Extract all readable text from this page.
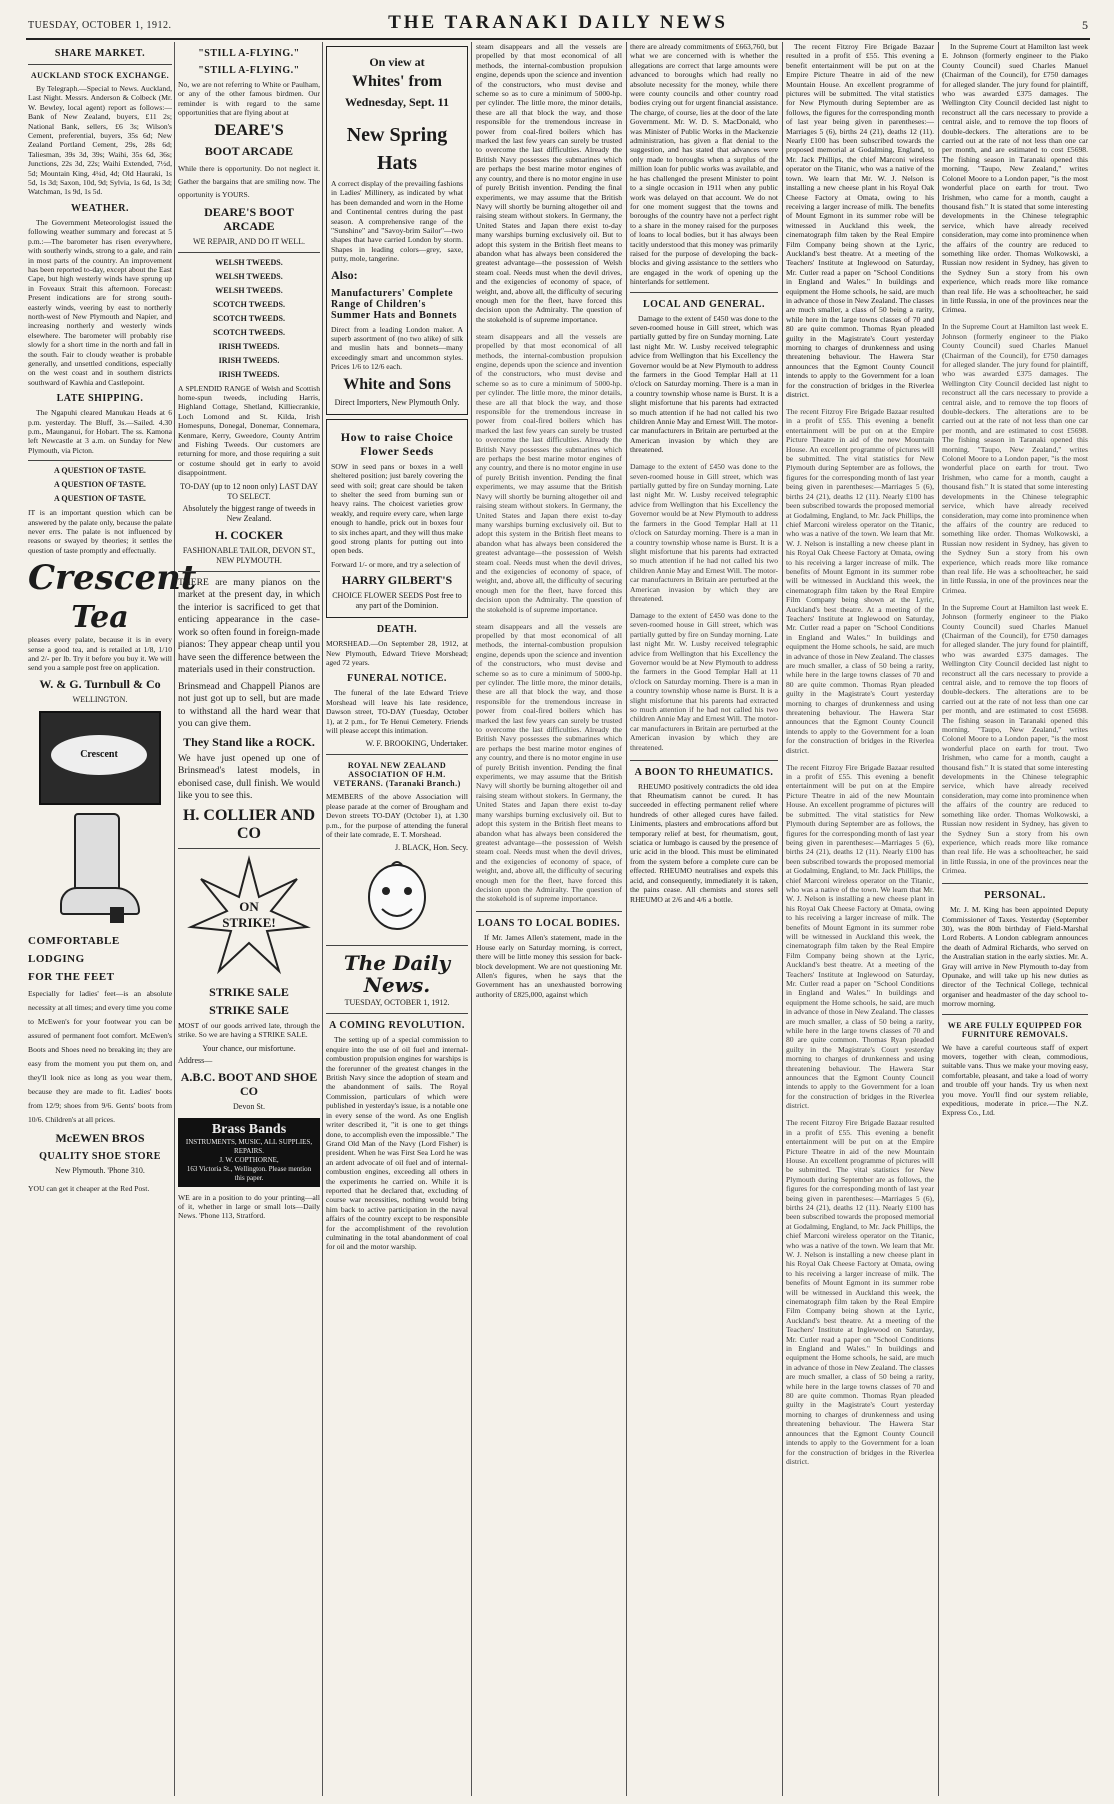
TUESDAY, OCTOBER 1, 1912.	THE TARANAKI DAILY NEWS	5
SHARE MARKET.
AUCKLAND STOCK EXCHANGE.

By Telegraph.—Special to News. Auckland, Last Night. Messrs. Anderson & Colbeck (Mr. W. Bewley, local agent) report as follows:— Bank of New Zealand, buyers, £11 2s; National Bank, sellers, £6 3s; Wilson's Cement, preferential, buyers, 35s 6d; New Zealand Portland Cement, 29s, 28s 6d; Taliesman, 39s 3d, 39s; Waihi, 35s 6d, 36s; Junctions, 22s 3d, 22s; Waihi Extended, 7½d, 5d; Mountain King, 4¼d, 4d; Old Hauraki, 1s 5d, 1s 3d; Saxon, 10d, 9d; Sylvia, 1s 6d, 1s 3d; Watchman, 1s 9d, 1s 5d.

WEATHER.

The Government Meteorologist issued the following weather summary and forecast at 5 p.m.:—The barometer has risen everywhere, with southerly winds, strong to a gale, and rain in most parts of the country. An improvement has been reported to-day, except about the East Cape, but high westerly winds have sprung up in Foveaux Strait this afternoon. Forecast: Present indications are for strong south-easterly winds, veering by east to northerly north-west of New Plymouth and Napier, and increasing northerly and westerly winds elsewhere. The barometer will probably rise slowly for a short time in the north and fall in the south. Fair to cloudy weather is probable generally, and unsettled conditions, especially on the west coast and in southern districts southward of Kawhia and Castlepoint.

LATE SHIPPING.

The Ngapuhi cleared Manukau Heads at 6 p.m. yesterday. The Bluff, 3s.—Sailed. 4.30 p.m., Maunganui, for Hobart. The ss. Kamona left Newcastle at 3 a.m. on Sunday for New Plymouth, via Picton.

A QUESTION OF TASTE.
A QUESTION OF TASTE.
A QUESTION OF TASTE.

IT is an important question which can be answered by the palate only, because the palate never errs. The palate is not influenced by reasons or swayed by theories; it settles the question of taste promptly and effectually.

Crescent
Tea

pleases every palate, because it is in every sense a good tea, and is retailed at 1/8, 1/10 and 2/- per lb. Try it before you buy it. We will send you a sample post free on application.

W. & G. Turnbull & Co
WELLINGTON.
Crescent
COMFORTABLE
LODGING
FOR THE FEET

Especially for ladies' feet—is an absolute necessity at all times; and every time you come to McEwen's for your footwear you can be assured of permanent foot comfort. McEwen's Boots and Shoes need no breaking in; they are easy from the moment you put them on, and they'll look nice as long as you wear them, because they are made to fit. Ladies' boots from 12/9; shoes from 9/6. Gents' boots from 10/6. Children's at all prices.

McEWEN BROS
QUALITY SHOE STORE
New Plymouth. 'Phone 310.

YOU can get it cheaper at the Red Post.

"STILL A-FLYING."
"STILL A-FLYING."

No, we are not referring to White or Paulham, or any of the other famous birdmen. Our reminder is with regard to the same opportunities that are flying about at

DEARE'S
BOOT ARCADE

While there is opportunity. Do not neglect it. Gather the bargains that are smiling now. The opportunity is YOURS.

DEARE'S BOOT ARCADE
WE REPAIR, AND DO IT WELL.
WELSH TWEEDS.
WELSH TWEEDS.
WELSH TWEEDS.
SCOTCH TWEEDS.
SCOTCH TWEEDS.
SCOTCH TWEEDS.
IRISH TWEEDS.
IRISH TWEEDS.
IRISH TWEEDS.

A SPLENDID RANGE of Welsh and Scottish home-spun tweeds, including Harris, Highland Cottage, Shetland, Killiecrankie, Loch Lomond and St. Kilda, Irish Homespuns, Donegal, Donemar, Connemara, Kenmare, Kerry, Gweedore, County Antrim and Fishing Tweeds. Our customers are returning for more, and those requiring a suit or costume should get in early to avoid disappointment.

TO-DAY (up to 12 noon only) LAST DAY TO SELECT.
Absolutely the biggest range of tweeds in New Zealand.
H. COCKER
FASHIONABLE TAILOR, DEVON ST., NEW PLYMOUTH.

THERE are many pianos on the market at the present day, in which the interior is sacrificed to get that enticing appearance in the case-work so often found in foreign-made pianos: They appear cheap until you have seen the difference between the materials used in their construction.

Brinsmead and Chappell Pianos are not just got up to sell, but are made to withstand all the hard wear that you can give them.

They Stand like a ROCK.

We have just opened up one of Brinsmead's latest models, in ebonised case, dull finish. We would like you to see this.

H. COLLIER AND CO
ON
STRIKE!
STRIKE SALE
STRIKE SALE

MOST of our goods arrived late, through the strike. So we are having a STRIKE SALE.

Your chance, our misfortune.
Address—
A.B.C. BOOT AND SHOE CO
Devon St.
Brass Bands
INSTRUMENTS, MUSIC, ALL SUPPLIES, REPAIRS.
J. W. COPTHORNE,
163 Victoria St., Wellington. Please mention this paper.

WE are in a position to do your printing—all of it, whether in large or small lots—Daily News. 'Phone 113, Stratford.

On view at
Whites' from
Wednesday, Sept. 11
New Spring
Hats

A correct display of the prevailing fashions in Ladies' Millinery, as indicated by what has been demanded and worn in the Home and Continental centres during the past season. A comprehensive range of the "Sunshine" and "Savoy-brim Sailor"—two shapes that have carried London by storm. Shapes in leading colors—grey, saxe, putty, mole, tangerine.

Also:
Manufacturers' Complete Range of Children's Summer Hats and Bonnets

Direct from a leading London maker. A superb assortment of (no two alike) of silk and muslin hats and bonnets—many exceedingly smart and uncommon styles. Prices 1/6 to 12/6 each.

White and Sons
Direct Importers, New Plymouth Only.
How to raise Choice Flower Seeds

SOW in seed pans or boxes in a well sheltered position; just barely covering the seed with soil; great care should be taken to shelter the seed from burning sun or heavy rains. The choicest varieties grow weakly, and require every care, when large enough to handle, prick out in boxes four to six inches apart, and they will thus make good strong plants for putting out into open beds.

Forward 1/- or more, and try a selection of

HARRY GILBERT'S
CHOICE FLOWER SEEDS Post free to any part of the Dominion.
DEATH.

MORSHEAD.—On September 28, 1912, at New Plymouth, Edward Trieve Morshead; aged 72 years.

FUNERAL NOTICE.

The funeral of the late Edward Trieve Morshead will leave his late residence, Dawson street, TO-DAY (Tuesday, October 1), at 2 p.m., for Te Henui Cemetery. Friends will please accept this intimation.

W. F. BROOKING, Undertaker.
ROYAL NEW ZEALAND ASSOCIATION OF H.M. VETERANS. (Taranaki Branch.)

MEMBERS of the above Association will please parade at the corner of Brougham and Devon streets TO-DAY (October 1), at 1.30 p.m., for the purpose of attending the funeral of their late comrade, E. T. Morshead.

J. BLACK, Hon. Secy.
The Daily News.
TUESDAY, OCTOBER 1, 1912.
A COMING REVOLUTION.

The setting up of a special commission to enquire into the use of oil fuel and internal-combustion propulsion engines for warships is the forerunner of the greatest changes in the British Navy since the adoption of steam and the abandonment of sails. The Royal Commission, particulars of which were published in yesterday's issue, is a notable one in every sense of the word. As one English writer described it, "it is one to get things done, to accomplish even the impossible." The Grand Old Man of the Navy (Lord Fisher) is president. When he was First Sea Lord he was an ardent advocate of oil fuel and of internal-combustion engines, exceeding all others in the experiments he carried on. While it is reported that he declared that, excluding of course war necessities, nothing would bring him back to active participation in the naval affairs of the country except to be responsible for the accomplishment of the revolution culminating in the total abandonment of coal for oil and the motor warship.

steam disappears and all the vessels are propelled by that most economical of all methods, the internal-combustion propulsion engine, depends upon the science and invention of the constructors, who must devise and scheme so as to cure a minimum of 5000-hp. per cylinder. The little more, the minor details, these are all that block the way, and those responsible for the tremendous increase in power from coal-fired boilers which has marked the last few years can surely be trusted to overcome the last difficulties. Already the British Navy possesses the submarines which are perhaps the best marine motor engines of any country, and there is no motor engine in use of purely British invention. Pending the final experiments, we may assume that the British Navy will shortly be burning altogether oil and raising steam without stokers. In Germany, the United States and Japan there exist to-day many warships burning exclusively oil. But to adopt this system in the British fleet means to abandon what has always been considered the greatest advantage—the possession of Welsh steam coal. Needs must when the devil drives, and the exigencies of economy of space, of weight, and, above all, the difficulty of securing enough men for the fleet, have forced this decision upon the Admiralty. The question of the stokehold is of supreme importance.

steam disappears and all the vessels are propelled by that most economical of all methods, the internal-combustion propulsion engine, depends upon the science and invention of the constructors, who must devise and scheme so as to cure a minimum of 5000-hp. per cylinder. The little more, the minor details, these are all that block the way, and those responsible for the tremendous increase in power from coal-fired boilers which has marked the last few years can surely be trusted to overcome the last difficulties. Already the British Navy possesses the submarines which are perhaps the best marine motor engines of any country, and there is no motor engine in use of purely British invention. Pending the final experiments, we may assume that the British Navy will shortly be burning altogether oil and raising steam without stokers. In Germany, the United States and Japan there exist to-day many warships burning exclusively oil. But to adopt this system in the British fleet means to abandon what has always been considered the greatest advantage—the possession of Welsh steam coal. Needs must when the devil drives, and the exigencies of economy of space, of weight, and, above all, the difficulty of securing enough men for the fleet, have forced this decision upon the Admiralty. The question of the stokehold is of supreme importance.

steam disappears and all the vessels are propelled by that most economical of all methods, the internal-combustion propulsion engine, depends upon the science and invention of the constructors, who must devise and scheme so as to cure a minimum of 5000-hp. per cylinder. The little more, the minor details, these are all that block the way, and those responsible for the tremendous increase in power from coal-fired boilers which has marked the last few years can surely be trusted to overcome the last difficulties. Already the British Navy possesses the submarines which are perhaps the best marine motor engines of any country, and there is no motor engine in use of purely British invention. Pending the final experiments, we may assume that the British Navy will shortly be burning altogether oil and raising steam without stokers. In Germany, the United States and Japan there exist to-day many warships burning exclusively oil. But to adopt this system in the British fleet means to abandon what has always been considered the greatest advantage—the possession of Welsh steam coal. Needs must when the devil drives, and the exigencies of economy of space, of weight, and, above all, the difficulty of securing enough men for the fleet, have forced this decision upon the Admiralty. The question of the stokehold is of supreme importance.

LOANS TO LOCAL BODIES.

If Mr. James Allen's statement, made in the House early on Saturday morning, is correct, there will be little money this session for back-block development. We are not questioning Mr. Allen's figures, when he says that the Government has an unexhausted borrowing authority of £825,000, against which

there are already commitments of £663,760, but what we are concerned with is whether the allegations are correct that large amounts were advanced to boroughs which had really no absolute necessity for the money, while there were county councils and other country road bodies crying out for urgent financial assistance. The charge, of course, lies at the door of the late Government. Mr. W. D. S. MacDonald, who was Minister of Public Works in the Mackenzie administration, has given a flat denial to the suggestion, and has stated that advances were only made to boroughs when a surplus of the million loan for public works was available, and he has challenged the present Minister to point to a single occasion in 1911 when any public work was delayed on that account. We do not for one moment suggest that the towns and boroughs of the country have not a perfect right to a share in the money raised for the purposes of loans to local bodies, but it has always been tacitly understood that this money was primarily raised for the purpose of developing the back-blocks and giving assistance to the settlers who are engaged in the work of opening up the hinterlands for settlement.

LOCAL AND GENERAL.

Damage to the extent of £450 was done to the seven-roomed house in Gill street, which was partially gutted by fire on Sunday morning. Late last night Mr. W. Lusby received telegraphic advice from Wellington that his Excellency the Governor would be at New Plymouth to address the farmers in the Good Templar Hall at 11 o'clock on Saturday morning. There is a man in a country township whose name is Burst. It is a slight misfortune that his parents had extracted so much attention if he had not called his two children Annie May and Ernest Will. The motor-car manufacturers in Britain are perturbed at the American invasion by which they are threatened.

Damage to the extent of £450 was done to the seven-roomed house in Gill street, which was partially gutted by fire on Sunday morning. Late last night Mr. W. Lusby received telegraphic advice from Wellington that his Excellency the Governor would be at New Plymouth to address the farmers in the Good Templar Hall at 11 o'clock on Saturday morning. There is a man in a country township whose name is Burst. It is a slight misfortune that his parents had extracted so much attention if he had not called his two children Annie May and Ernest Will. The motor-car manufacturers in Britain are perturbed at the American invasion by which they are threatened.

Damage to the extent of £450 was done to the seven-roomed house in Gill street, which was partially gutted by fire on Sunday morning. Late last night Mr. W. Lusby received telegraphic advice from Wellington that his Excellency the Governor would be at New Plymouth to address the farmers in the Good Templar Hall at 11 o'clock on Saturday morning. There is a man in a country township whose name is Burst. It is a slight misfortune that his parents had extracted so much attention if he had not called his two children Annie May and Ernest Will. The motor-car manufacturers in Britain are perturbed at the American invasion by which they are threatened.

A BOON TO RHEUMATICS.

RHEUMO positively contradicts the old idea that Rheumatism cannot be cured. It has succeeded in effecting permanent relief where hundreds of other alleged cures have failed. Liniments, plasters and embrocations afford but temporary relief at best, for rheumatism, gout, sciatica or lumbago is caused by the presence of uric acid in the blood. This must be eliminated from the system before a complete cure can be effected. RHEUMO neutralises and expels this acid, and consequently, immediately it is taken, the pains cease. All chemists and stores sell RHEUMO at 2/6 and 4/6 a bottle.

The recent Fitzroy Fire Brigade Bazaar resulted in a profit of £55. This evening a benefit entertainment will be put on at the Empire Picture Theatre in aid of the new Mountain House. An excellent programme of pictures will be submitted. The vital statistics for New Plymouth during September are as follows, the figures for the corresponding month of last year being given in parentheses:—Marriages 5 (6), births 24 (21), deaths 12 (11). Nearly £100 has been subscribed towards the proposed memorial at Godalming, England, to Mr. Jack Phillips, the chief Marconi wireless operator on the Titanic, who was a native of the town. We learn that Mr. W. J. Nelson is installing a new cheese plant in his Royal Oak Cheese Factory at Omata, owing to his receiving a larger increase of milk. The benefits of Mount Egmont in its summer robe will be witnessed in Auckland this week, the cinematograph film taken by the Real Empire Film Company being shown at the Lyric, Auckland's best theatre. At a meeting of the Teachers' Institute at Inglewood on Saturday, Mr. Cutler read a paper on "School Conditions in England and Wales." In buildings and equipment the Home schools, he said, are much in advance of those in New Zealand. The classes are much smaller, a class of 50 being a rarity, while here in the large towns classes of 70 and 80 are quite common. Thomas Ryan pleaded guilty in the Magistrate's Court yesterday morning to charges of drunkenness and using threatening behaviour. The Hawera Star announces that the Egmont County Council intends to apply to the Government for a loan for the construction of bridges in the Riverlea district.

The recent Fitzroy Fire Brigade Bazaar resulted in a profit of £55. This evening a benefit entertainment will be put on at the Empire Picture Theatre in aid of the new Mountain House. An excellent programme of pictures will be submitted. The vital statistics for New Plymouth during September are as follows, the figures for the corresponding month of last year being given in parentheses:—Marriages 5 (6), births 24 (21), deaths 12 (11). Nearly £100 has been subscribed towards the proposed memorial at Godalming, England, to Mr. Jack Phillips, the chief Marconi wireless operator on the Titanic, who was a native of the town. We learn that Mr. W. J. Nelson is installing a new cheese plant in his Royal Oak Cheese Factory at Omata, owing to his receiving a larger increase of milk. The benefits of Mount Egmont in its summer robe will be witnessed in Auckland this week, the cinematograph film taken by the Real Empire Film Company being shown at the Lyric, Auckland's best theatre. At a meeting of the Teachers' Institute at Inglewood on Saturday, Mr. Cutler read a paper on "School Conditions in England and Wales." In buildings and equipment the Home schools, he said, are much in advance of those in New Zealand. The classes are much smaller, a class of 50 being a rarity, while here in the large towns classes of 70 and 80 are quite common. Thomas Ryan pleaded guilty in the Magistrate's Court yesterday morning to charges of drunkenness and using threatening behaviour. The Hawera Star announces that the Egmont County Council intends to apply to the Government for a loan for the construction of bridges in the Riverlea district.

The recent Fitzroy Fire Brigade Bazaar resulted in a profit of £55. This evening a benefit entertainment will be put on at the Empire Picture Theatre in aid of the new Mountain House. An excellent programme of pictures will be submitted. The vital statistics for New Plymouth during September are as follows, the figures for the corresponding month of last year being given in parentheses:—Marriages 5 (6), births 24 (21), deaths 12 (11). Nearly £100 has been subscribed towards the proposed memorial at Godalming, England, to Mr. Jack Phillips, the chief Marconi wireless operator on the Titanic, who was a native of the town. We learn that Mr. W. J. Nelson is installing a new cheese plant in his Royal Oak Cheese Factory at Omata, owing to his receiving a larger increase of milk. The benefits of Mount Egmont in its summer robe will be witnessed in Auckland this week, the cinematograph film taken by the Real Empire Film Company being shown at the Lyric, Auckland's best theatre. At a meeting of the Teachers' Institute at Inglewood on Saturday, Mr. Cutler read a paper on "School Conditions in England and Wales." In buildings and equipment the Home schools, he said, are much in advance of those in New Zealand. The classes are much smaller, a class of 50 being a rarity, while here in the large towns classes of 70 and 80 are quite common. Thomas Ryan pleaded guilty in the Magistrate's Court yesterday morning to charges of drunkenness and using threatening behaviour. The Hawera Star announces that the Egmont County Council intends to apply to the Government for a loan for the construction of bridges in the Riverlea district.

The recent Fitzroy Fire Brigade Bazaar resulted in a profit of £55. This evening a benefit entertainment will be put on at the Empire Picture Theatre in aid of the new Mountain House. An excellent programme of pictures will be submitted. The vital statistics for New Plymouth during September are as follows, the figures for the corresponding month of last year being given in parentheses:—Marriages 5 (6), births 24 (21), deaths 12 (11). Nearly £100 has been subscribed towards the proposed memorial at Godalming, England, to Mr. Jack Phillips, the chief Marconi wireless operator on the Titanic, who was a native of the town. We learn that Mr. W. J. Nelson is installing a new cheese plant in his Royal Oak Cheese Factory at Omata, owing to his receiving a larger increase of milk. The benefits of Mount Egmont in its summer robe will be witnessed in Auckland this week, the cinematograph film taken by the Real Empire Film Company being shown at the Lyric, Auckland's best theatre. At a meeting of the Teachers' Institute at Inglewood on Saturday, Mr. Cutler read a paper on "School Conditions in England and Wales." In buildings and equipment the Home schools, he said, are much in advance of those in New Zealand. The classes are much smaller, a class of 50 being a rarity, while here in the large towns classes of 70 and 80 are quite common. Thomas Ryan pleaded guilty in the Magistrate's Court yesterday morning to charges of drunkenness and using threatening behaviour. The Hawera Star announces that the Egmont County Council intends to apply to the Government for a loan for the construction of bridges in the Riverlea district.

In the Supreme Court at Hamilton last week E. Johnson (formerly engineer to the Piako County Council) sued Charles Manuel (Chairman of the Council), for £750 damages for alleged slander. The jury found for plaintiff, who was awarded £375 damages. The Wellington City Council decided last night to reconstruct all the cars necessary to provide a central aisle, and to remove the top floors of double-deckers. The alterations are to be carried out at the rate of not less than one car per month, and are estimated to cost £5698. The fishing season in Taranaki opened this morning. "Taupo, New Zealand," writes Colonel Moore to a London paper, "is the most wonderful place on earth for trout. Two Irishmen, who came for a month, caught a thousand fish." It is stated that some interesting developments in the Chinese telegraphic service, which have already received consideration, may come into prominence when the affairs of the country are reduced to something like order. Thomas Wolkowski, a Russian now resident in Sydney, has given to the Sydney Sun a story from his own experience, which reads more like romance than real life. He was a schoolteacher, he said in little Russia, in one of the provinces near the Crimea.

In the Supreme Court at Hamilton last week E. Johnson (formerly engineer to the Piako County Council) sued Charles Manuel (Chairman of the Council), for £750 damages for alleged slander. The jury found for plaintiff, who was awarded £375 damages. The Wellington City Council decided last night to reconstruct all the cars necessary to provide a central aisle, and to remove the top floors of double-deckers. The alterations are to be carried out at the rate of not less than one car per month, and are estimated to cost £5698. The fishing season in Taranaki opened this morning. "Taupo, New Zealand," writes Colonel Moore to a London paper, "is the most wonderful place on earth for trout. Two Irishmen, who came for a month, caught a thousand fish." It is stated that some interesting developments in the Chinese telegraphic service, which have already received consideration, may come into prominence when the affairs of the country are reduced to something like order. Thomas Wolkowski, a Russian now resident in Sydney, has given to the Sydney Sun a story from his own experience, which reads more like romance than real life. He was a schoolteacher, he said in little Russia, in one of the provinces near the Crimea.

In the Supreme Court at Hamilton last week E. Johnson (formerly engineer to the Piako County Council) sued Charles Manuel (Chairman of the Council), for £750 damages for alleged slander. The jury found for plaintiff, who was awarded £375 damages. The Wellington City Council decided last night to reconstruct all the cars necessary to provide a central aisle, and to remove the top floors of double-deckers. The alterations are to be carried out at the rate of not less than one car per month, and are estimated to cost £5698. The fishing season in Taranaki opened this morning. "Taupo, New Zealand," writes Colonel Moore to a London paper, "is the most wonderful place on earth for trout. Two Irishmen, who came for a month, caught a thousand fish." It is stated that some interesting developments in the Chinese telegraphic service, which have already received consideration, may come into prominence when the affairs of the country are reduced to something like order. Thomas Wolkowski, a Russian now resident in Sydney, has given to the Sydney Sun a story from his own experience, which reads more like romance than real life. He was a schoolteacher, he said in little Russia, in one of the provinces near the Crimea.

PERSONAL.

Mr. J. M. King has been appointed Deputy Commissioner of Taxes. Yesterday (September 30), was the 80th birthday of Field-Marshal Lord Roberts. A London cablegram announces the death of Admiral Richards, who served on the Australian station in the early sixties. Mr. A. Gray will arrive in New Plymouth to-day from Opunake, and will take up his new duties as director of the Technical College, technical organiser and headmaster of the day school to-morrow morning.

WE ARE FULLY EQUIPPED FOR FURNITURE REMOVALS.

We have a careful courteous staff of expert movers, together with clean, commodious, suitable vans. Thus we make your moving easy, comfortable, pleasant, and take a load of worry and trouble off your hands. Try us when next you move. You'll find our system reliable, expeditious, moderate in price.—The N.Z. Express Co., Ltd.
